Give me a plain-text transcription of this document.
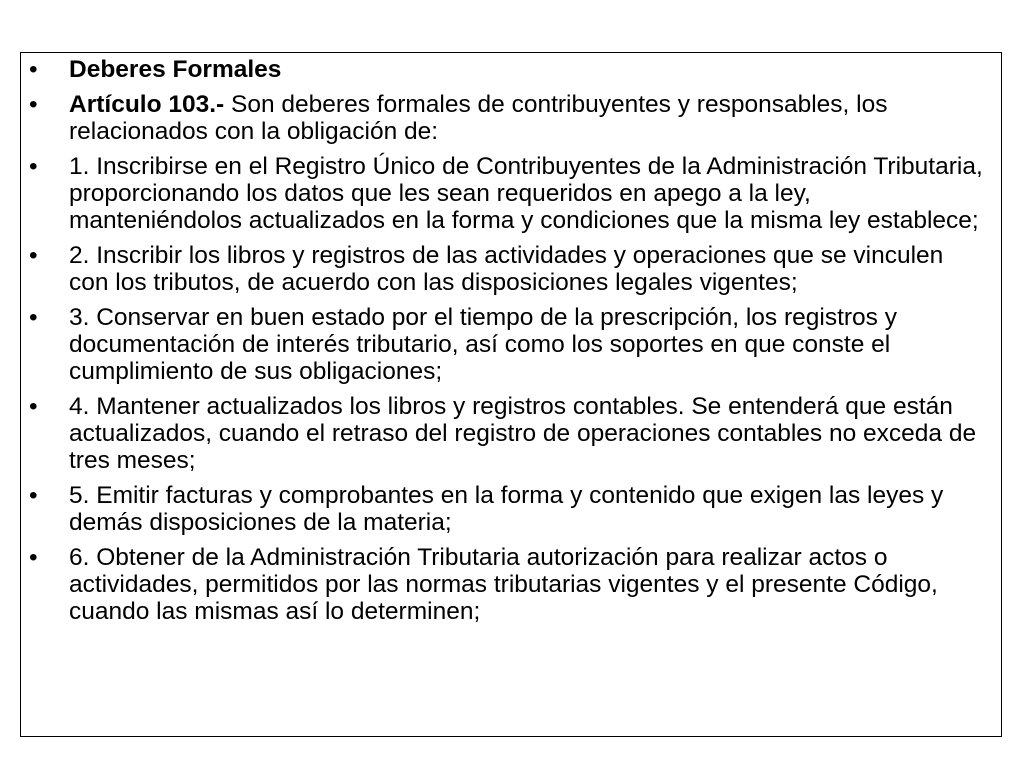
•	Deberes Formales
•	Artículo 103.- Son deberes formales de contribuyentes y responsables, los relacionados con la obligación de:
•	1. Inscribirse en el Registro Único de Contribuyentes de la Administración Tributaria, proporcionando los datos que les sean requeridos en apego a la ley, manteniéndolos actualizados en la forma y condiciones que la misma ley establece;
•	2. Inscribir los libros y registros de las actividades y operaciones que se vinculen con los tributos, de acuerdo con las disposiciones legales vigentes;
•	3. Conservar en buen estado por el tiempo de la prescripción, los registros y documentación de interés tributario, así como los soportes en que conste el cumplimiento de sus obligaciones;
•	4. Mantener actualizados los libros y registros contables. Se entenderá que están actualizados, cuando el retraso del registro de operaciones contables no exceda de tres meses;
•	5. Emitir facturas y comprobantes en la forma y contenido que exigen las leyes y demás disposiciones de la materia;
•	6. Obtener de la Administración Tributaria autorización para realizar actos o actividades, permitidos por las normas tributarias vigentes y el presente Código, cuando las mismas así lo determinen;
